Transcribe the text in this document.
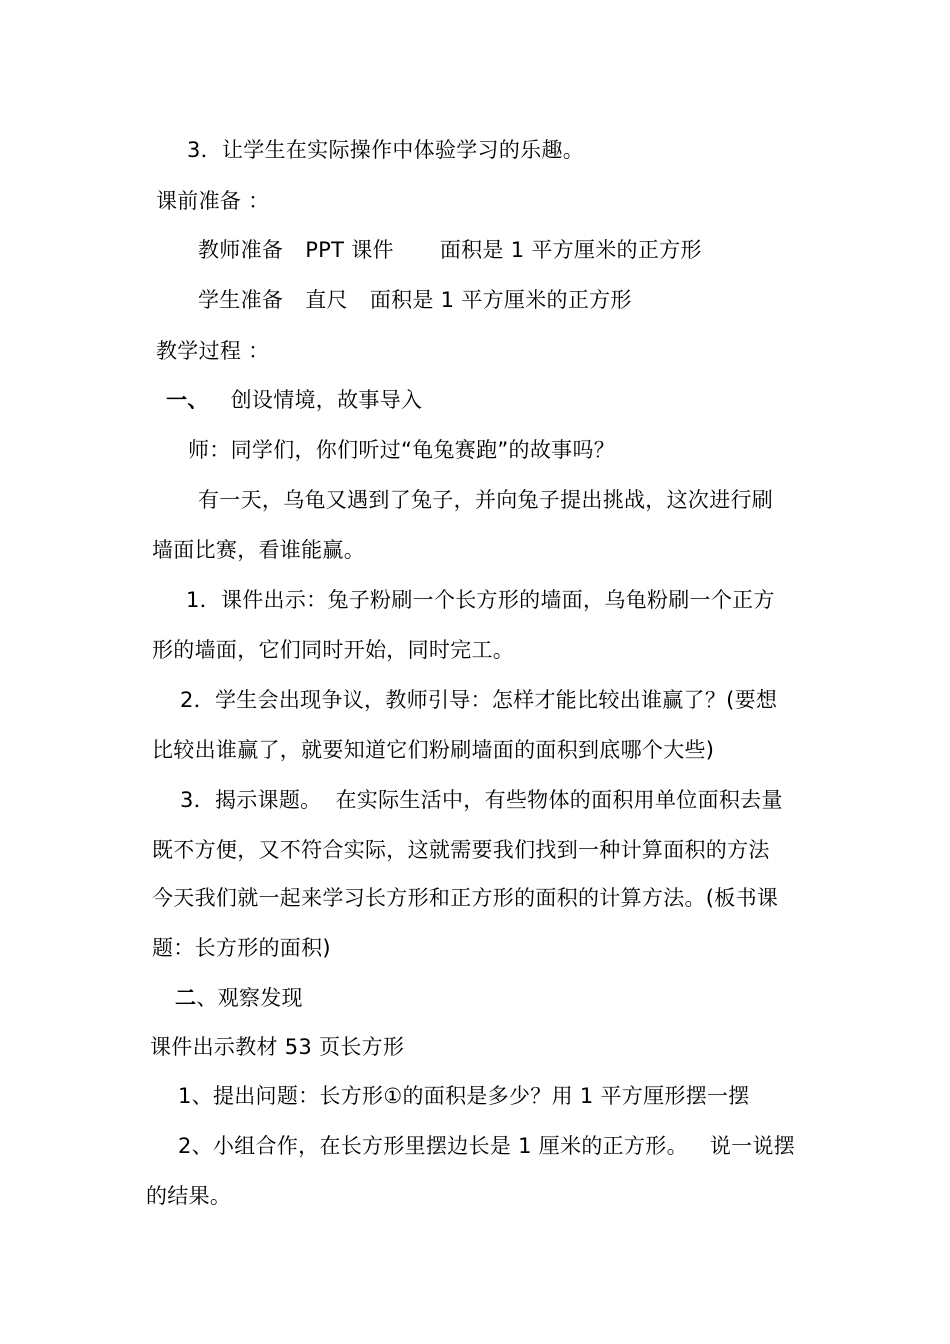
3．让学生在实际操作中体验学习的乐趣。
课前准备 ：
教师准备 PPT 课件 面积是 1 平方厘米的正方形
学生准备 直尺 面积是 1 平方厘米的正方形
教学过程 ：
一、 创设情境，故事导入
师：同学们，你们听过“龟兔赛跑”的故事吗？
有一天，乌龟又遇到了兔子，并向兔子提出挑战，这次进行刷
墙面比赛，看谁能赢。
1．课件出示：兔子粉刷一个长方形的墙面，乌龟粉刷一个正方
形的墙面，它们同时开始，同时完工。
2．学生会出现争议，教师引导：怎样才能比较出谁赢了？(要想
比较出谁赢了，就要知道它们粉刷墙面的面积到底哪个大些)
3．揭示课题。 在实际生活中，有些物体的面积用单位面积去量
既不方便，又不符合实际，这就需要我们找到一种计算面积的方法
今天我们就一起来学习长方形和正方形的面积的计算方法。(板书课
题：长方形的面积)
二、观察发现
课件出示教材 53 页长方形
1、提出问题：长方形①的面积是多少？用 1 平方厘形摆一摆
2、小组合作，在长方形里摆边长是 1 厘米的正方形。 说一说摆
的结果。
